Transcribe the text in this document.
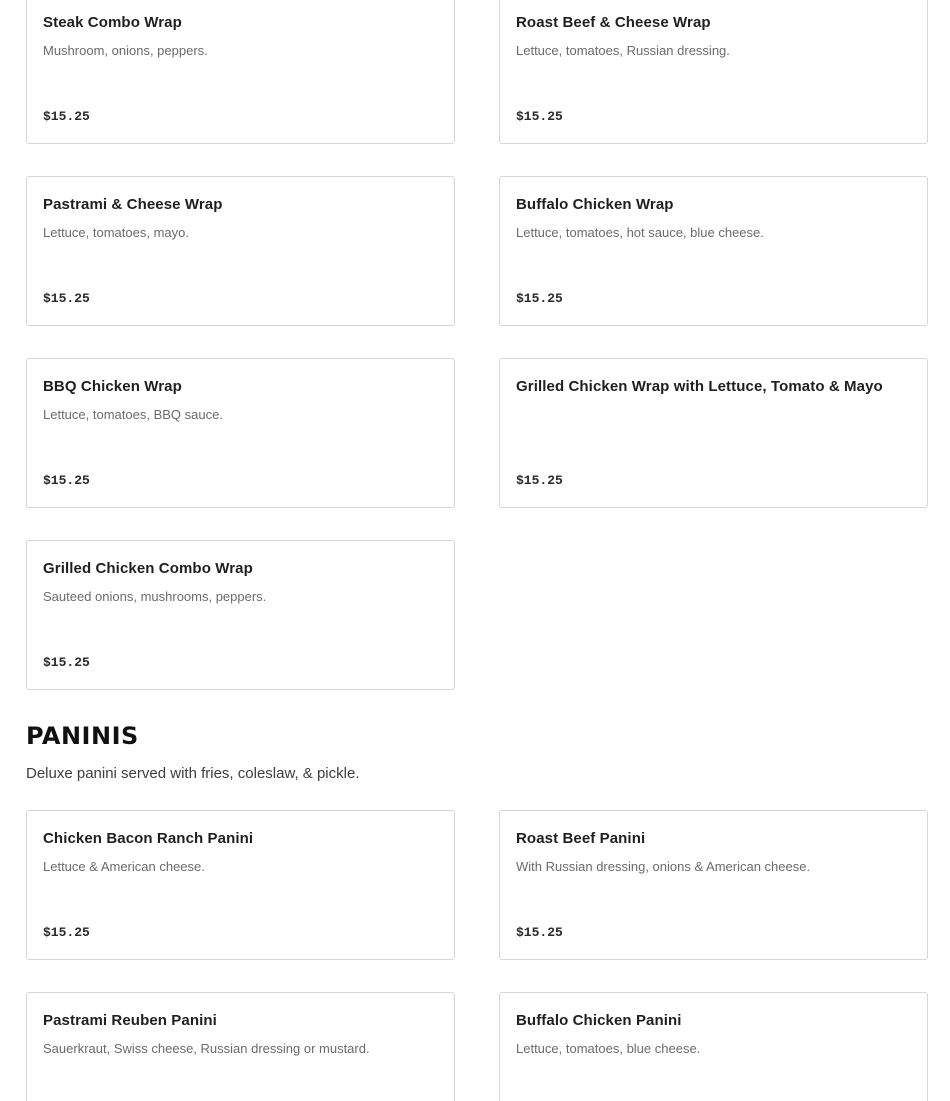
Steak Combo Wrap
Mushroom, onions, peppers.
$15.25
Roast Beef & Cheese Wrap
Lettuce, tomatoes, Russian dressing.
$15.25
Pastrami & Cheese Wrap
Lettuce, tomatoes, mayo.
$15.25
Buffalo Chicken Wrap
Lettuce, tomatoes, hot sauce, blue cheese.
$15.25
BBQ Chicken Wrap
Lettuce, tomatoes, BBQ sauce.
$15.25
Grilled Chicken Wrap with Lettuce, Tomato & Mayo
$15.25
Grilled Chicken Combo Wrap
Sauteed onions, mushrooms, peppers.
$15.25
PANINIS

Deluxe panini served with fries, coleslaw, & pickle.

Chicken Bacon Ranch Panini
Lettuce & American cheese.
$15.25
Roast Beef Panini
With Russian dressing, onions & American cheese.
$15.25
Pastrami Reuben Panini
Sauerkraut, Swiss cheese, Russian dressing or mustard.
Buffalo Chicken Panini
Lettuce, tomatoes, blue cheese.
